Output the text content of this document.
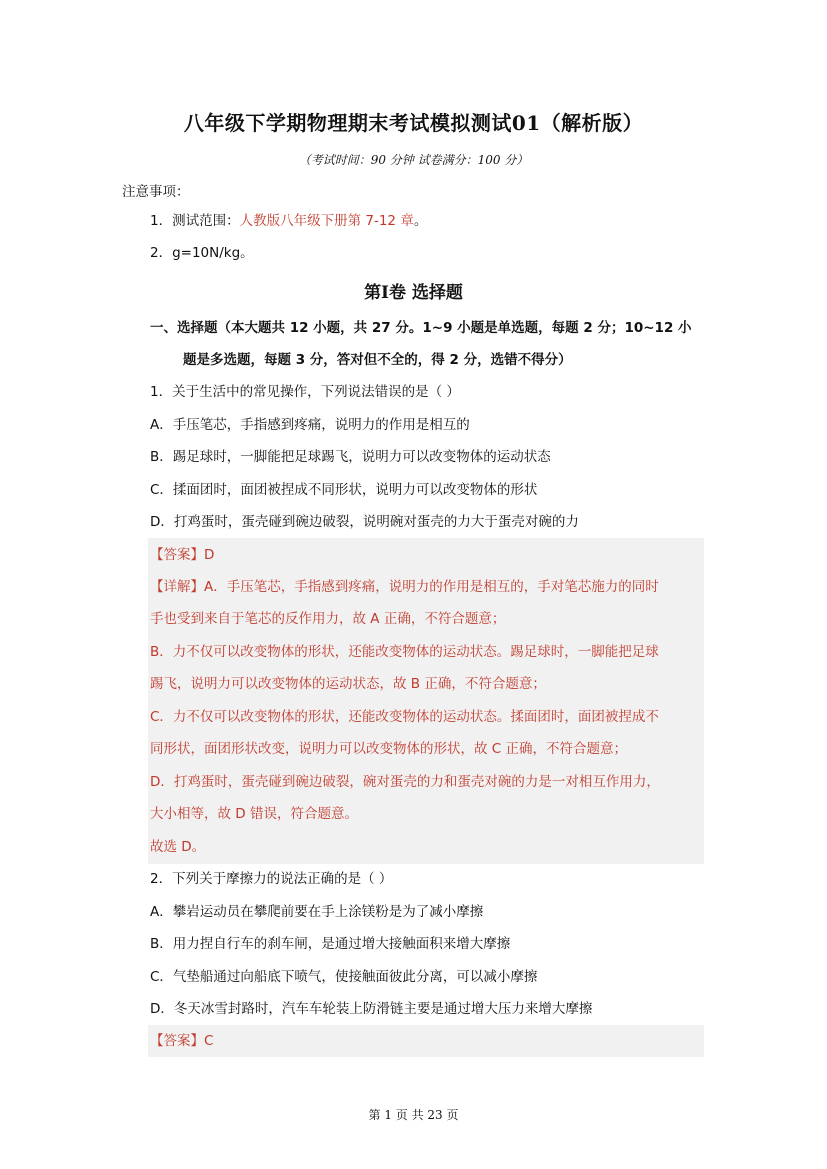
八年级下学期物理期末考试模拟测试01（解析版）
（考试时间：90 分钟 试卷满分：100 分）
注意事项：
1．测试范围：人教版八年级下册第 7-12 章。
2．g=10N/kg。
第Ⅰ卷 选择题
一、选择题（本大题共 12 小题，共 27 分。1~9 小题是单选题，每题 2 分；10~12 小
题是多选题，每题 3 分，答对但不全的，得 2 分，选错不得分）
1．关于生活中的常见操作，下列说法错误的是（ ）
A．手压笔芯，手指感到疼痛，说明力的作用是相互的
B．踢足球时，一脚能把足球踢飞，说明力可以改变物体的运动状态
C．揉面团时，面团被捏成不同形状，说明力可以改变物体的形状
D．打鸡蛋时，蛋壳碰到碗边破裂，说明碗对蛋壳的力大于蛋壳对碗的力
【答案】D
【详解】A．手压笔芯，手指感到疼痛，说明力的作用是相互的，手对笔芯施力的同时
手也受到来自于笔芯的反作用力，故 A 正确，不符合题意；
B．力不仅可以改变物体的形状，还能改变物体的运动状态。踢足球时，一脚能把足球
踢飞，说明力可以改变物体的运动状态，故 B 正确，不符合题意；
C．力不仅可以改变物体的形状，还能改变物体的运动状态。揉面团时，面团被捏成不
同形状，面团形状改变，说明力可以改变物体的形状，故 C 正确，不符合题意；
D．打鸡蛋时，蛋壳碰到碗边破裂，碗对蛋壳的力和蛋壳对碗的力是一对相互作用力，
大小相等，故 D 错误，符合题意。
故选 D。
2．下列关于摩擦力的说法正确的是（ ）
A．攀岩运动员在攀爬前要在手上涂镁粉是为了减小摩擦
B．用力捏自行车的刹车闸，是通过增大接触面积来增大摩擦
C．气垫船通过向船底下喷气，使接触面彼此分离，可以减小摩擦
D．冬天冰雪封路时，汽车车轮装上防滑链主要是通过增大压力来增大摩擦
【答案】C
第 1 页 共 23 页
